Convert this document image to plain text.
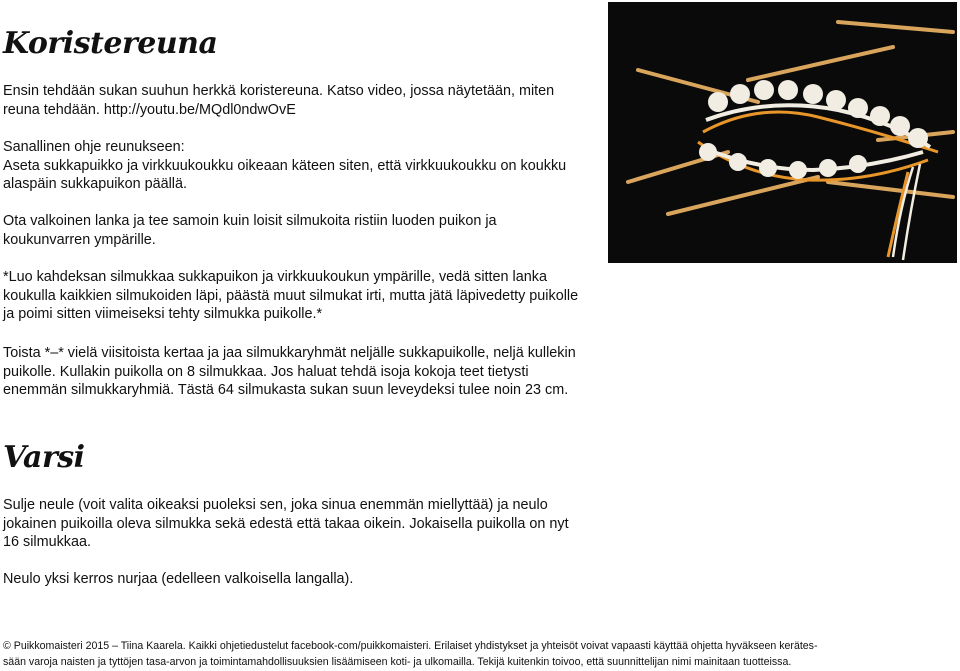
Koristereuna

Ensin tehdään sukan suuhun herkkä koristereuna. Katso video, jossa näytetään, miten reuna tehdään. http://youtu.be/MQdl0ndwOvE

Sanallinen ohje reunukseen:
Aseta sukkapuikko ja virkkuukoukku oikeaan käteen siten, että virkkuukoukku on koukku alaspäin sukkapuikon päällä.

Ota valkoinen lanka ja tee samoin kuin loisit silmukoita ristiin luoden puikon ja koukunvarren ympärille.

*Luo kahdeksan silmukkaa sukkapuikon ja virkkuukoukun ympärille, vedä sitten lanka koukulla kaikkien silmukoiden läpi, päästä muut silmukat irti, mutta jätä läpivedetty puikolle ja poimi sitten viimeiseksi tehty silmukka puikolle.*

Toista *–* vielä viisitoista kertaa ja jaa silmukkaryhmät neljälle sukkapuikolle, neljä kullekin puikolle. Kullakin puikolla on 8 silmukkaa. Jos haluat tehdä isoja kokoja teet tietysti enemmän silmukkaryhmiä. Tästä 64 silmukasta sukan suun leveydeksi tulee noin 23 cm.

Varsi

Sulje neule (voit valita oikeaksi puoleksi sen, joka sinua enemmän miellyttää) ja neulo jokainen puikoilla oleva silmukka sekä edestä että takaa oikein. Jokaisella puikolla on nyt 16 silmukkaa.

Neulo yksi kerros nurjaa (edelleen valkoisella langalla).

© Puikkomaisteri 2015 – Tiina Kaarela. Kaikki ohjetiedustelut facebook-com/puikkomaisteri. Erilaiset yhdistykset ja yhteisöt voivat vapaasti käyttää ohjetta hyväkseen kerätes-
sään varoja naisten ja tyttöjen tasa-arvon ja toimintamahdollisuuksien lisäämiseen koti- ja ulkomailla. Tekijä kuitenkin toivoo, että suunnittelijan nimi mainitaan tuotteissa.
